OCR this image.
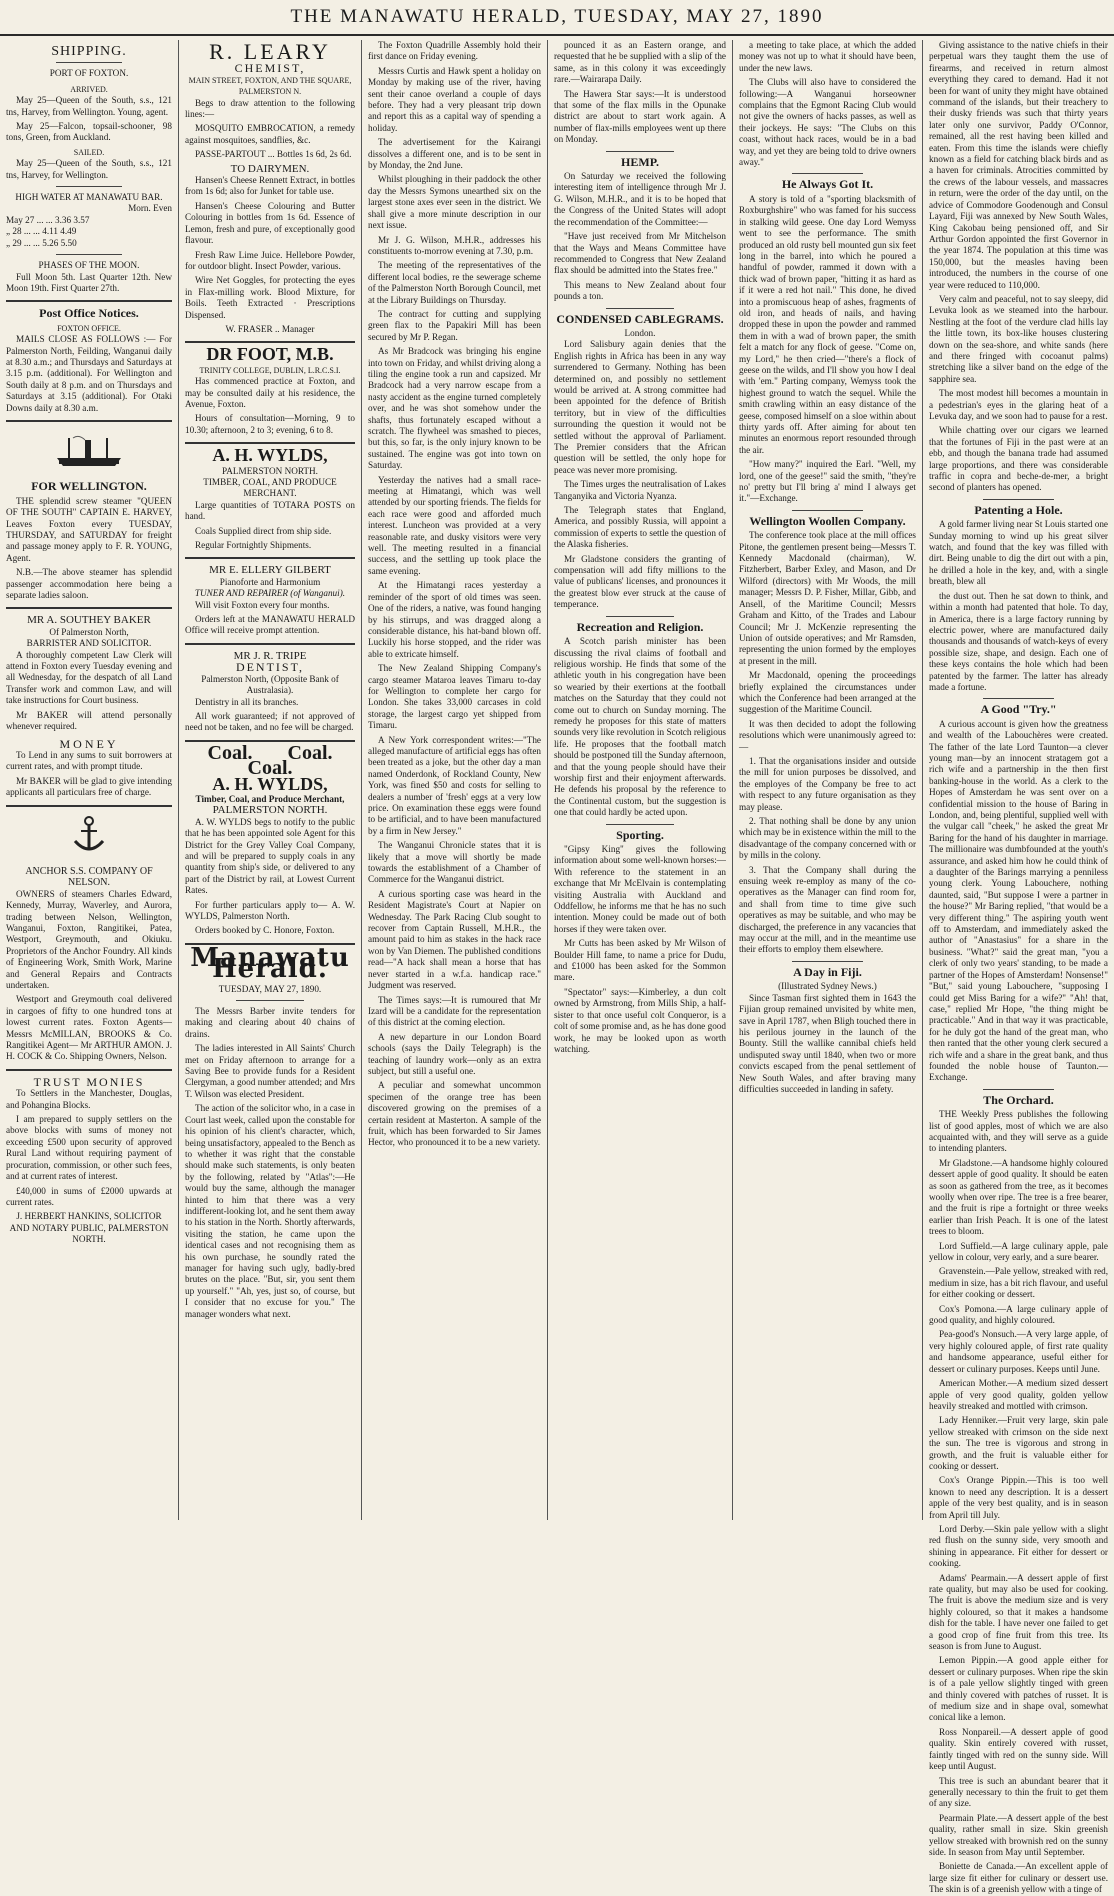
THE MANAWATU HERALD, TUESDAY, MAY 27, 1890
SHIPPING.
PORT OF FOXTON.
ARRIVED.

May 25—Queen of the South, s.s., 121 tns, Harvey, from Wellington. Young, agent.

May 25—Falcon, topsail-schooner, 98 tons, Green, from Auckland.

SAILED.

May 25—Queen of the South, s.s., 121 tns, Harvey, for Wellington.

HIGH WATER AT MANAWATU BAR.
Morn. Even
May 27 ... ... 3.36 3.57
„ 28 ... ... 4.11 4.49
„ 29 ... ... 5.26 5.50
PHASES OF THE MOON.

Full Moon 5th. Last Quarter 12th. New Moon 19th. First Quarter 27th.

Post Office Notices.
FOXTON OFFICE.

MAILS CLOSE AS FOLLOWS :— For Palmerston North, Feilding, Wanganui daily at 8.30 a.m.; and Thursdays and Saturdays at 3.15 p.m. (additional). For Wellington and South daily at 8 p.m. and on Thursdays and Saturdays at 3.15 (additional). For Otaki Downs daily at 8.30 a.m.

FOR WELLINGTON.

THE splendid screw steamer "QUEEN OF THE SOUTH" CAPTAIN E. HARVEY, Leaves Foxton every TUESDAY, THURSDAY, and SATURDAY for freight and passage money apply to F. R. YOUNG, Agent.

N.B.—The above steamer has splendid passenger accommodation here being a separate ladies saloon.

MR A. SOUTHEY BAKER
Of Palmerston North,
BARRISTER AND SOLICITOR.

A thoroughly competent Law Clerk will attend in Foxton every Tuesday evening and all Wednesday, for the despatch of all Land Transfer work and common Law, and will take instructions for Court business.

Mr BAKER will attend personally whenever required.

MONEY

To Lend in any sums to suit borrowers at current rates, and with prompt titude.

Mr BAKER will be glad to give intending applicants all particulars free of charge.

ANCHOR S.S. COMPANY OF NELSON.

OWNERS of steamers Charles Edward, Kennedy, Murray, Waverley, and Aurora, trading between Nelson, Wellington, Wanganui, Foxton, Rangitikei, Patea, Westport, Greymouth, and Okiuku. Proprietors of the Anchor Foundry. All kinds of Engineering Work, Smith Work, Marine and General Repairs and Contracts undertaken.

Westport and Greymouth coal delivered in cargoes of fifty to one hundred tons at lowest current rates. Foxton Agents— Messrs McMILLAN, BROOKS & Co. Rangitikei Agent— Mr ARTHUR AMON. J. H. COCK & Co. Shipping Owners, Nelson.

TRUST MONIES

To Settlers in the Manchester, Douglas, and Pohangina Blocks.

I am prepared to supply settlers on the above blocks with sums of money not exceeding £500 upon security of approved Rural Land without requiring payment of procuration, commission, or other such fees, and at current rates of interest.

£40,000 in sums of £2000 upwards at current rates.

J. HERBERT HANKINS, SOLICITOR AND NOTARY PUBLIC, PALMERSTON NORTH.
R. LEARY
CHEMIST,
MAIN STREET, FOXTON, AND THE SQUARE, PALMERSTON N.

Begs to draw attention to the following lines:—

MOSQUITO EMBROCATION, a remedy against mosquitoes, sandflies, &c.

PASSE-PARTOUT ... Bottles 1s 6d, 2s 6d.

TO DAIRYMEN.

Hansen's Cheese Rennett Extract, in bottles from 1s 6d; also for Junket for table use.

Hansen's Cheese Colouring and Butter Colouring in bottles from 1s 6d. Essence of Lemon, fresh and pure, of exceptionally good flavour.

Fresh Raw Lime Juice. Hellebore Powder, for outdoor blight. Insect Powder, various.

Wire Net Goggles, for protecting the eyes in Flax-milling work. Blood Mixture, for Boils. Teeth Extracted · Prescriptions Dispensed.

W. FRASER .. Manager
DR FOOT, M.B.
TRINITY COLLEGE, DUBLIN, L.R.C.S.I.

Has commenced practice at Foxton, and may be consulted daily at his residence, the Avenue, Foxton.

Hours of consultation—Morning, 9 to 10.30; afternoon, 2 to 3; evening, 6 to 8.

A. H. WYLDS,
PALMERSTON NORTH.
TIMBER, COAL, AND PRODUCE MERCHANT.

Large quantities of TOTARA POSTS on hand.

Coals Supplied direct from ship side.

Regular Fortnightly Shipments.

MR E. ELLERY GILBERT
Pianoforte and Harmonium
TUNER AND REPAIRER (of Wanganui).

Will visit Foxton every four months.

Orders left at the MANAWATU HERALD Office will receive prompt attention.

MR J. R. TRIPE
DENTIST,
Palmerston North, (Opposite Bank of Australasia).

Dentistry in all its branches.

All work guaranteed; if not approved of need not be taken, and no fee will be charged.

Coal. Coal.
Coal.
A. H. WYLDS,
Timber, Coal, and Produce Merchant,
PALMERSTON NORTH.

A. W. WYLDS begs to notify to the public that he has been appointed sole Agent for this District for the Grey Valley Coal Company, and will be prepared to supply coals in any quantity from ship's side, or delivered to any part of the District by rail, at Lowest Current Rates.

For further particulars apply to— A. W. WYLDS, Palmerston North.

Orders booked by C. Honore, Foxton.

Manawatu Herald.
TUESDAY, MAY 27, 1890.

The Messrs Barber invite tenders for making and clearing about 40 chains of drains.

The ladies interested in All Saints' Church met on Friday afternoon to arrange for a Saving Bee to provide funds for a Resident Clergyman, a good number attended; and Mrs T. Wilson was elected President.

The action of the solicitor who, in a case in Court last week, called upon the constable for his opinion of his client's character, which, being unsatisfactory, appealed to the Bench as to whether it was right that the constable should make such statements, is only beaten by the following, related by "Atlas":—He would buy the same, although the manager hinted to him that there was a very indifferent-looking lot, and he sent them away to his station in the North. Shortly afterwards, visiting the station, he came upon the identical cases and not recognising them as his own purchase, he soundly rated the manager for having such ugly, badly-bred brutes on the place. "But, sir, you sent them up yourself." "Ah, yes, just so, of course, but I consider that no excuse for you." The manager wonders what next.

The Foxton Quadrille Assembly hold their first dance on Friday evening.

Messrs Curtis and Hawk spent a holiday on Monday by making use of the river, having sent their canoe overland a couple of days before. They had a very pleasant trip down and report this as a capital way of spending a holiday.

The advertisement for the Kairangi dissolves a different one, and is to be sent in by Monday, the 2nd June.

Whilst ploughing in their paddock the other day the Messrs Symons unearthed six on the largest stone axes ever seen in the district. We shall give a more minute description in our next issue.

Mr J. G. Wilson, M.H.R., addresses his constituents to-morrow evening at 7.30, p.m.

The meeting of the representatives of the different local bodies, re the sewerage scheme of the Palmerston North Borough Council, met at the Library Buildings on Thursday.

The contract for cutting and supplying green flax to the Papakiri Mill has been secured by Mr P. Regan.

As Mr Bradcock was bringing his engine into town on Friday, and whilst driving along a tiling the engine took a run and capsized. Mr Bradcock had a very narrow escape from a nasty accident as the engine turned completely over, and he was shot somehow under the shafts, thus fortunately escaped without a scratch. The flywheel was smashed to pieces, but this, so far, is the only injury known to be sustained. The engine was got into town on Saturday.

Yesterday the natives had a small race-meeting at Himatangi, which was well attended by our sporting friends. The fields for each race were good and afforded much interest. Luncheon was provided at a very reasonable rate, and dusky visitors were very well. The meeting resulted in a financial success, and the settling up took place the same evening.

At the Himatangi races yesterday a reminder of the sport of old times was seen. One of the riders, a native, was found hanging by his stirrups, and was dragged along a considerable distance, his hat-band blown off. Luckily his horse stopped, and the rider was able to extricate himself.

The New Zealand Shipping Company's cargo steamer Mataroa leaves Timaru to-day for Wellington to complete her cargo for London. She takes 33,000 carcases in cold storage, the largest cargo yet shipped from Timaru.

A New York correspondent writes:—"The alleged manufacture of artificial eggs has often been treated as a joke, but the other day a man named Onderdonk, of Rockland County, New York, was fined $50 and costs for selling to dealers a number of 'fresh' eggs at a very low price. On examination these eggs were found to be artificial, and to have been manufactured by a firm in New Jersey."

The Wanganui Chronicle states that it is likely that a move will shortly be made towards the establishment of a Chamber of Commerce for the Wanganui district.

A curious sporting case was heard in the Resident Magistrate's Court at Napier on Wednesday. The Park Racing Club sought to recover from Captain Russell, M.H.R., the amount paid to him as stakes in the hack race won by Van Diemen. The published conditions read—"A hack shall mean a horse that has never started in a w.f.a. handicap race." Judgment was reserved.

The Times says:—It is rumoured that Mr Izard will be a candidate for the representation of this district at the coming election.

A new departure in our London Board schools (says the Daily Telegraph) is the teaching of laundry work—only as an extra subject, but still a useful one.

A peculiar and somewhat uncommon specimen of the orange tree has been discovered growing on the premises of a certain resident at Masterton. A sample of the fruit, which has been forwarded to Sir James Hector, who pronounced it to be a new variety.

pounced it as an Eastern orange, and requested that he be supplied with a slip of the same, as in this colony it was exceedingly rare.—Wairarapa Daily.

The Hawera Star says:—It is understood that some of the flax mills in the Opunake district are about to start work again. A number of flax-mills employees went up there on Monday.

HEMP.

On Saturday we received the following interesting item of intelligence through Mr J. G. Wilson, M.H.R., and it is to be hoped that the Congress of the United States will adopt the recommendation of the Committee:—

"Have just received from Mr Mitchelson that the Ways and Means Committee have recommended to Congress that New Zealand flax should be admitted into the States free."

This means to New Zealand about four pounds a ton.

CONDENSED CABLEGRAMS.
London.

Lord Salisbury again denies that the English rights in Africa has been in any way surrendered to Germany. Nothing has been determined on, and possibly no settlement would be arrived at. A strong committee had been appointed for the defence of British territory, but in view of the difficulties surrounding the question it would not be settled without the approval of Parliament. The Premier considers that the African question will be settled, the only hope for peace was never more promising.

The Times urges the neutralisation of Lakes Tanganyika and Victoria Nyanza.

The Telegraph states that England, America, and possibly Russia, will appoint a commission of experts to settle the question of the Alaska fisheries.

Mr Gladstone considers the granting of compensation will add fifty millions to the value of publicans' licenses, and pronounces it the greatest blow ever struck at the cause of temperance.

Recreation and Religion.

A Scotch parish minister has been discussing the rival claims of football and religious worship. He finds that some of the athletic youth in his congregation have been so wearied by their exertions at the football matches on the Saturday that they could not come out to church on Sunday morning. The remedy he proposes for this state of matters sounds very like revolution in Scotch religious life. He proposes that the football match should be postponed till the Sunday afternoon, and that the young people should have their worship first and their enjoyment afterwards. He defends his proposal by the reference to the Continental custom, but the suggestion is one that could hardly be acted upon.

Sporting.

"Gipsy King" gives the following information about some well-known horses:—With reference to the statement in an exchange that Mr McElvain is contemplating visiting Australia with Auckland and Oddfellow, he informs me that he has no such intention. Money could be made out of both horses if they were taken over.

Mr Cutts has been asked by Mr Wilson of Boulder Hill fame, to name a price for Dudu, and £1000 has been asked for the Sommon mare.

"Spectator" says:—Kimberley, a dun colt owned by Armstrong, from Mills Ship, a half-sister to that once useful colt Conqueror, is a colt of some promise and, as he has done good work, he may be looked upon as worth watching.

a meeting to take place, at which the added money was not up to what it should have been, under the new laws.

The Clubs will also have to considered the following:—A Wanganui horseowner complains that the Egmont Racing Club would not give the owners of hacks passes, as well as their jockeys. He says: "The Clubs on this coast, without hack races, would be in a bad way, and yet they are being told to drive owners away."

He Always Got It.

A story is told of a "sporting blacksmith of Roxburghshire" who was famed for his success in stalking wild geese. One day Lord Wemyss went to see the performance. The smith produced an old rusty bell mounted gun six feet long in the barrel, into which he poured a handful of powder, rammed it down with a thick wad of brown paper, "hitting it as hard as if it were a red hot nail." This done, he dived into a promiscuous heap of ashes, fragments of old iron, and heads of nails, and having dropped these in upon the powder and rammed them in with a wad of brown paper, the smith felt a match for any flock of geese. "Come on, my Lord," he then cried—"there's a flock of geese on the wilds, and I'll show you how I deal with 'em." Parting company, Wemyss took the highest ground to watch the sequel. While the smith crawling within an easy distance of the geese, composed himself on a sloe within about thirty yards off. After aiming for about ten minutes an enormous report resounded through the air.

"How many?" inquired the Earl. "Well, my lord, one of the geese!" said the smith, "they're no' pretty but I'll bring a' mind I always get it."—Exchange.

Wellington Woollen Company.

The conference took place at the mill offices Pitone, the gentlemen present being—Messrs T. Kennedy Macdonald (chairman), W. Fitzherbert, Barber Exley, and Mason, and Dr Wilford (directors) with Mr Woods, the mill manager; Messrs D. P. Fisher, Millar, Gibb, and Ansell, of the Maritime Council; Messrs Graham and Kitto, of the Trades and Labour Council; Mr J. McKenzie representing the Union of outside operatives; and Mr Ramsden, representing the union formed by the employes at present in the mill.

Mr Macdonald, opening the proceedings briefly explained the circumstances under which the Conference had been arranged at the suggestion of the Maritime Council.

It was then decided to adopt the following resolutions which were unanimously agreed to:—

1. That the organisations insider and outside the mill for union purposes be dissolved, and the employes of the Company be free to act with respect to any future organisation as they may please.

2. That nothing shall be done by any union which may be in existence within the mill to the disadvantage of the company concerned with or by mills in the colony.

3. That the Company shall during the ensuing week re-employ as many of the co-operatives as the Manager can find room for, and shall from time to time give such operatives as may be suitable, and who may be discharged, the preference in any vacancies that may occur at the mill, and in the meantime use their efforts to employ them elsewhere.

A Day in Fiji.
(Illustrated Sydney News.)

Since Tasman first sighted them in 1643 the Fijian group remained unvisited by white men, save in April 1787, when Bligh touched there in his perilous journey in the launch of the Bounty. Still the wallike cannibal chiefs held undisputed sway until 1840, when two or more convicts escaped from the penal settlement of New South Wales, and after braving many difficulties succeeded in landing in safety.

Giving assistance to the native chiefs in their perpetual wars they taught them the use of firearms, and received in return almost everything they cared to demand. Had it not been for want of unity they might have obtained command of the islands, but their treachery to their dusky friends was such that thirty years later only one survivor, Paddy O'Connor, remained, all the rest having been killed and eaten. From this time the islands were chiefly known as a field for catching black birds and as a haven for criminals. Atrocities committed by the crews of the labour vessels, and massacres in return, were the order of the day until, on the advice of Commodore Goodenough and Consul Layard, Fiji was annexed by New South Wales, King Cakobau being pensioned off, and Sir Arthur Gordon appointed the first Governor in the year 1874. The population at this time was 150,000, but the measles having been introduced, the numbers in the course of one year were reduced to 110,000.

Very calm and peaceful, not to say sleepy, did Levuka look as we steamed into the harbour. Nestling at the foot of the verdure clad hills lay the little town, its box-like houses clustering down on the sea-shore, and white sands (here and there fringed with cocoanut palms) stretching like a silver band on the edge of the sapphire sea.

The most modest hill becomes a mountain in a pedestrian's eyes in the glaring heat of a Levuka day, and we soon had to pause for a rest.

While chatting over our cigars we learned that the fortunes of Fiji in the past were at an ebb, and though the banana trade had assumed large proportions, and there was considerable traffic in copra and beche-de-mer, a bright second of planters has opened.

Patenting a Hole.

A gold farmer living near St Louis started one Sunday morning to wind up his great silver watch, and found that the key was filled with dirt. Being unable to dig the dirt out with a pin, he drilled a hole in the key, and, with a single breath, blew all

the dust out. Then he sat down to think, and within a month had patented that hole. To day, in America, there is a large factory running by electric power, where are manufactured daily thousands and thousands of watch-keys of every possible size, shape, and design. Each one of these keys contains the hole which had been patented by the farmer. The latter has already made a fortune.

A Good "Try."

A curious account is given how the greatness and wealth of the Labouchères were created. The father of the late Lord Taunton—a clever young man—by an innocent stratagem got a rich wife and a partnership in the then first banking-house in the world. As a clerk to the Hopes of Amsterdam he was sent over on a confidential mission to the house of Baring in London, and, being plentiful, supplied well with the vulgar call "cheek," he asked the great Mr Baring for the hand of his daughter in marriage. The millionaire was dumbfounded at the youth's assurance, and asked him how he could think of a daughter of the Barings marrying a penniless young clerk. Young Labouchere, nothing daunted, said, "But suppose I were a partner in the house?" Mr Baring replied, "that would be a very different thing." The aspiring youth went off to Amsterdam, and immediately asked the author of "Anastasius" for a share in the business. "What?" said the great man, "you a clerk of only two years' standing, to be made a partner of the Hopes of Amsterdam! Nonsense!" "But," said young Labouchere, "supposing I could get Miss Baring for a wife?" "Ah! that, case," replied Mr Hope, "the thing might be practicable." And in that way it was practicable, for he duly got the hand of the great man, who then ranted that the other young clerk secured a rich wife and a share in the great bank, and thus founded the noble house of Taunton.—Exchange.

The Orchard.

THE Weekly Press publishes the following list of good apples, most of which we are also acquainted with, and they will serve as a guide to intending planters.

Mr Gladstone.—A handsome highly coloured dessert apple of good quality. It should be eaten as soon as gathered from the tree, as it becomes woolly when over ripe. The tree is a free bearer, and the fruit is ripe a fortnight or three weeks earlier than Irish Peach. It is one of the latest trees to bloom.

Lord Suffield.—A large culinary apple, pale yellow in colour, very early, and a sure bearer.

Gravenstein.—Pale yellow, streaked with red, medium in size, has a bit rich flavour, and useful for either cooking or dessert.

Cox's Pomona.—A large culinary apple of good quality, and highly coloured.

Pea-good's Nonsuch.—A very large apple, of very highly coloured apple, of first rate quality and handsome appearance, useful either for dessert or culinary purposes. Keeps until June.

American Mother.—A medium sized dessert apple of very good quality, golden yellow heavily streaked and mottled with crimson.

Lady Henniker.—Fruit very large, skin pale yellow streaked with crimson on the side next the sun. The tree is vigorous and strong in growth, and the fruit is valuable either for cooking or dessert.

Cox's Orange Pippin.—This is too well known to need any description. It is a dessert apple of the very best quality, and is in season from April till July.

Lord Derby.—Skin pale yellow with a slight red flush on the sunny side, very smooth and shining in appearance. Fit either for dessert or cooking.

Adams' Pearmain.—A dessert apple of first rate quality, but may also be used for cooking. The fruit is above the medium size and is very highly coloured, so that it makes a handsome dish for the table. I have never one failed to get a good crop of fine fruit from this tree. Its season is from June to August.

Lemon Pippin.—A good apple either for dessert or culinary purposes. When ripe the skin is of a pale yellow slightly tinged with green and thinly covered with patches of russet. It is of medium size and in shape oval, somewhat conical like a lemon.

Ross Nonpareil.—A dessert apple of good quality. Skin entirely covered with russet, faintly tinged with red on the sunny side. Will keep until August.

This tree is such an abundant bearer that it generally necessary to thin the fruit to get them of any size.

Pearmain Plate.—A dessert apple of the best quality, rather small in size. Skin greenish yellow streaked with brownish red on the sunny side. In season from May until September.

Boniette de Canada.—An excellent apple of large size fit either for culinary or dessert use. The skin is of a greenish yellow with a tinge of
